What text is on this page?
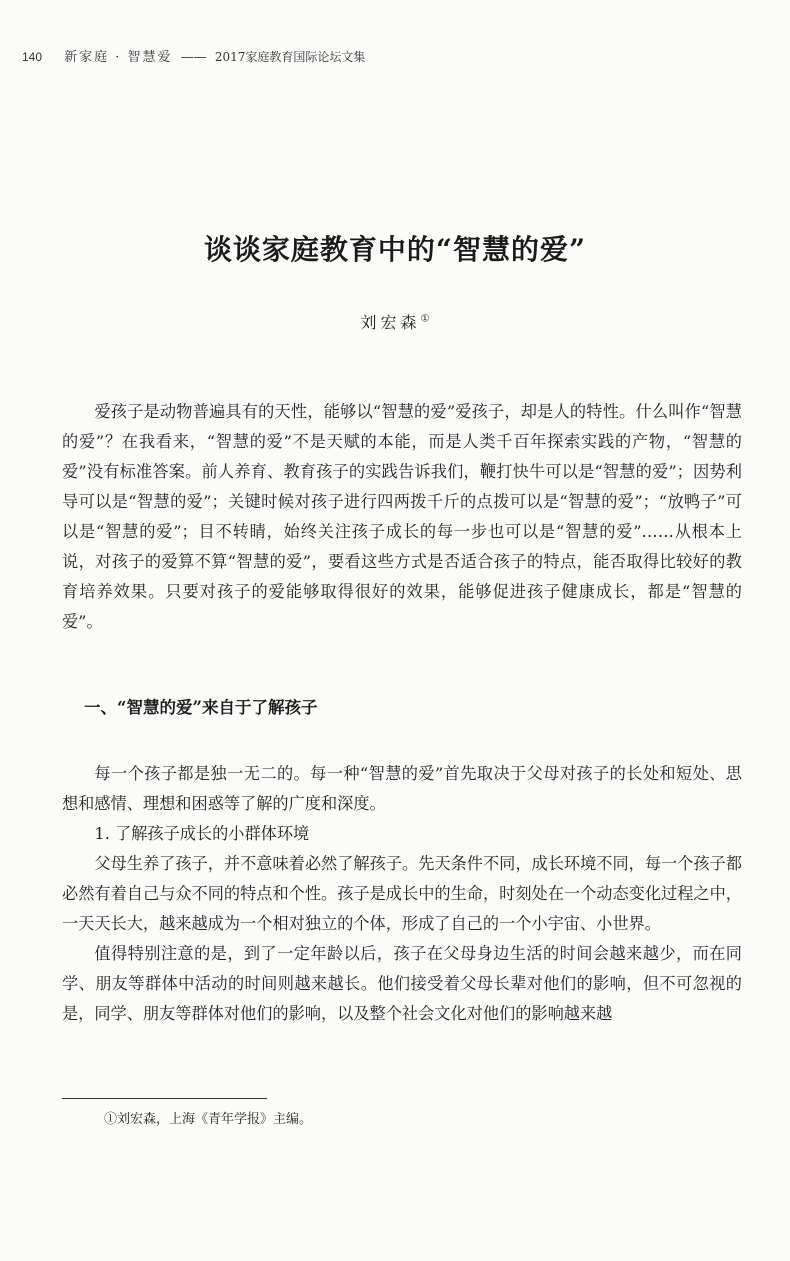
140 新家庭 · 智慧爱 —— 2017家庭教育国际论坛文集
谈谈家庭教育中的“智慧的爱”
刘宏森①

爱孩子是动物普遍具有的天性，能够以“智慧的爱”爱孩子，却是人的特性。什么叫作“智慧的爱”？在我看来，“智慧的爱”不是天赋的本能，而是人类千百年探索实践的产物，“智慧的爱”没有标准答案。前人养育、教育孩子的实践告诉我们，鞭打快牛可以是“智慧的爱”；因势利导可以是“智慧的爱”；关键时候对孩子进行四两拨千斤的点拨可以是“智慧的爱”；“放鸭子”可以是“智慧的爱”；目不转睛，始终关注孩子成长的每一步也可以是“智慧的爱”……从根本上说，对孩子的爱算不算“智慧的爱”，要看这些方式是否适合孩子的特点，能否取得比较好的教育培养效果。只要对孩子的爱能够取得很好的效果，能够促进孩子健康成长，都是“智慧的爱”。

一、“智慧的爱”来自于了解孩子

每一个孩子都是独一无二的。每一种“智慧的爱”首先取决于父母对孩子的长处和短处、思想和感情、理想和困惑等了解的广度和深度。

1. 了解孩子成长的小群体环境

父母生养了孩子，并不意味着必然了解孩子。先天条件不同，成长环境不同，每一个孩子都必然有着自己与众不同的特点和个性。孩子是成长中的生命，时刻处在一个动态变化过程之中，一天天长大，越来越成为一个相对独立的个体，形成了自己的一个小宇宙、小世界。

值得特别注意的是，到了一定年龄以后，孩子在父母身边生活的时间会越来越少，而在同学、朋友等群体中活动的时间则越来越长。他们接受着父母长辈对他们的影响，但不可忽视的是，同学、朋友等群体对他们的影响，以及整个社会文化对他们的影响越来越

①刘宏森，上海《青年学报》主编。
